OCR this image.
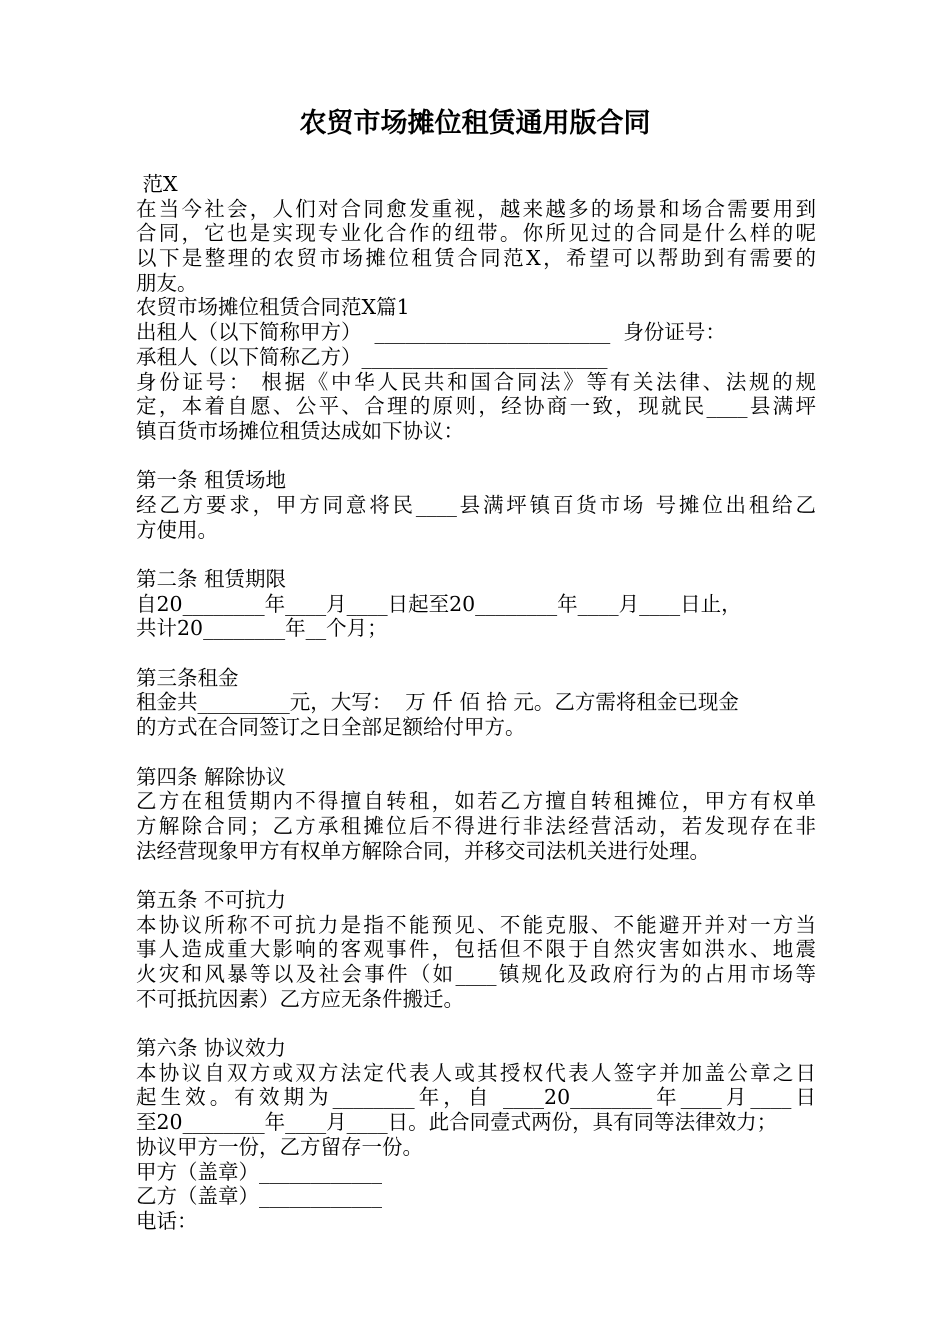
农贸市场摊位租赁通用版合同
范X
在当今社会，人们对合同愈发重视，越来越多的场景和场合需要用到
合同，它也是实现专业化合作的纽带。你所见过的合同是什么样的呢
以下是整理的农贸市场摊位租赁合同范X，希望可以帮助到有需要的
朋友。
农贸市场摊位租赁合同范X篇1
出租人（以下简称甲方）  _______________________  身份证号：
承租人（以下简称乙方）________________________
身份证号： 根据《中华人民共和国合同法》等有关法律、法规的规
定，本着自愿、公平、合理的原则，经协商一致，现就民____县满坪
镇百货市场摊位租赁达成如下协议：
第一条 租赁场地
经乙方要求，甲方同意将民____县满坪镇百货市场 号摊位出租给乙
方使用。
第二条 租赁期限
自20________年____月____日起至20________年____月____日止，
共计20________年__个月；
第三条租金
租金共_________元，大写：  万 仟 佰 拾 元。乙方需将租金已现金
的方式在合同签订之日全部足额给付甲方。
第四条 解除协议
乙方在租赁期内不得擅自转租，如若乙方擅自转租摊位，甲方有权单
方解除合同；乙方承租摊位后不得进行非法经营活动，若发现存在非
法经营现象甲方有权单方解除合同，并移交司法机关进行处理。
第五条 不可抗力
本协议所称不可抗力是指不能预见、不能克服、不能避开并对一方当
事人造成重大影响的客观事件，包括但不限于自然灾害如洪水、地震
火灾和风暴等以及社会事件（如____镇规化及政府行为的占用市场等
不可抵抗因素）乙方应无条件搬迁。
第六条 协议效力
本协议自双方或双方法定代表人或其授权代表人签字并加盖公章之日
起生效。有效期为________年，自 ____20________年____月____日
至20________年____月____日。此合同壹式两份，具有同等法律效力；
协议甲方一份，乙方留存一份。
甲方（盖章）____________
乙方（盖章）____________
电话：
